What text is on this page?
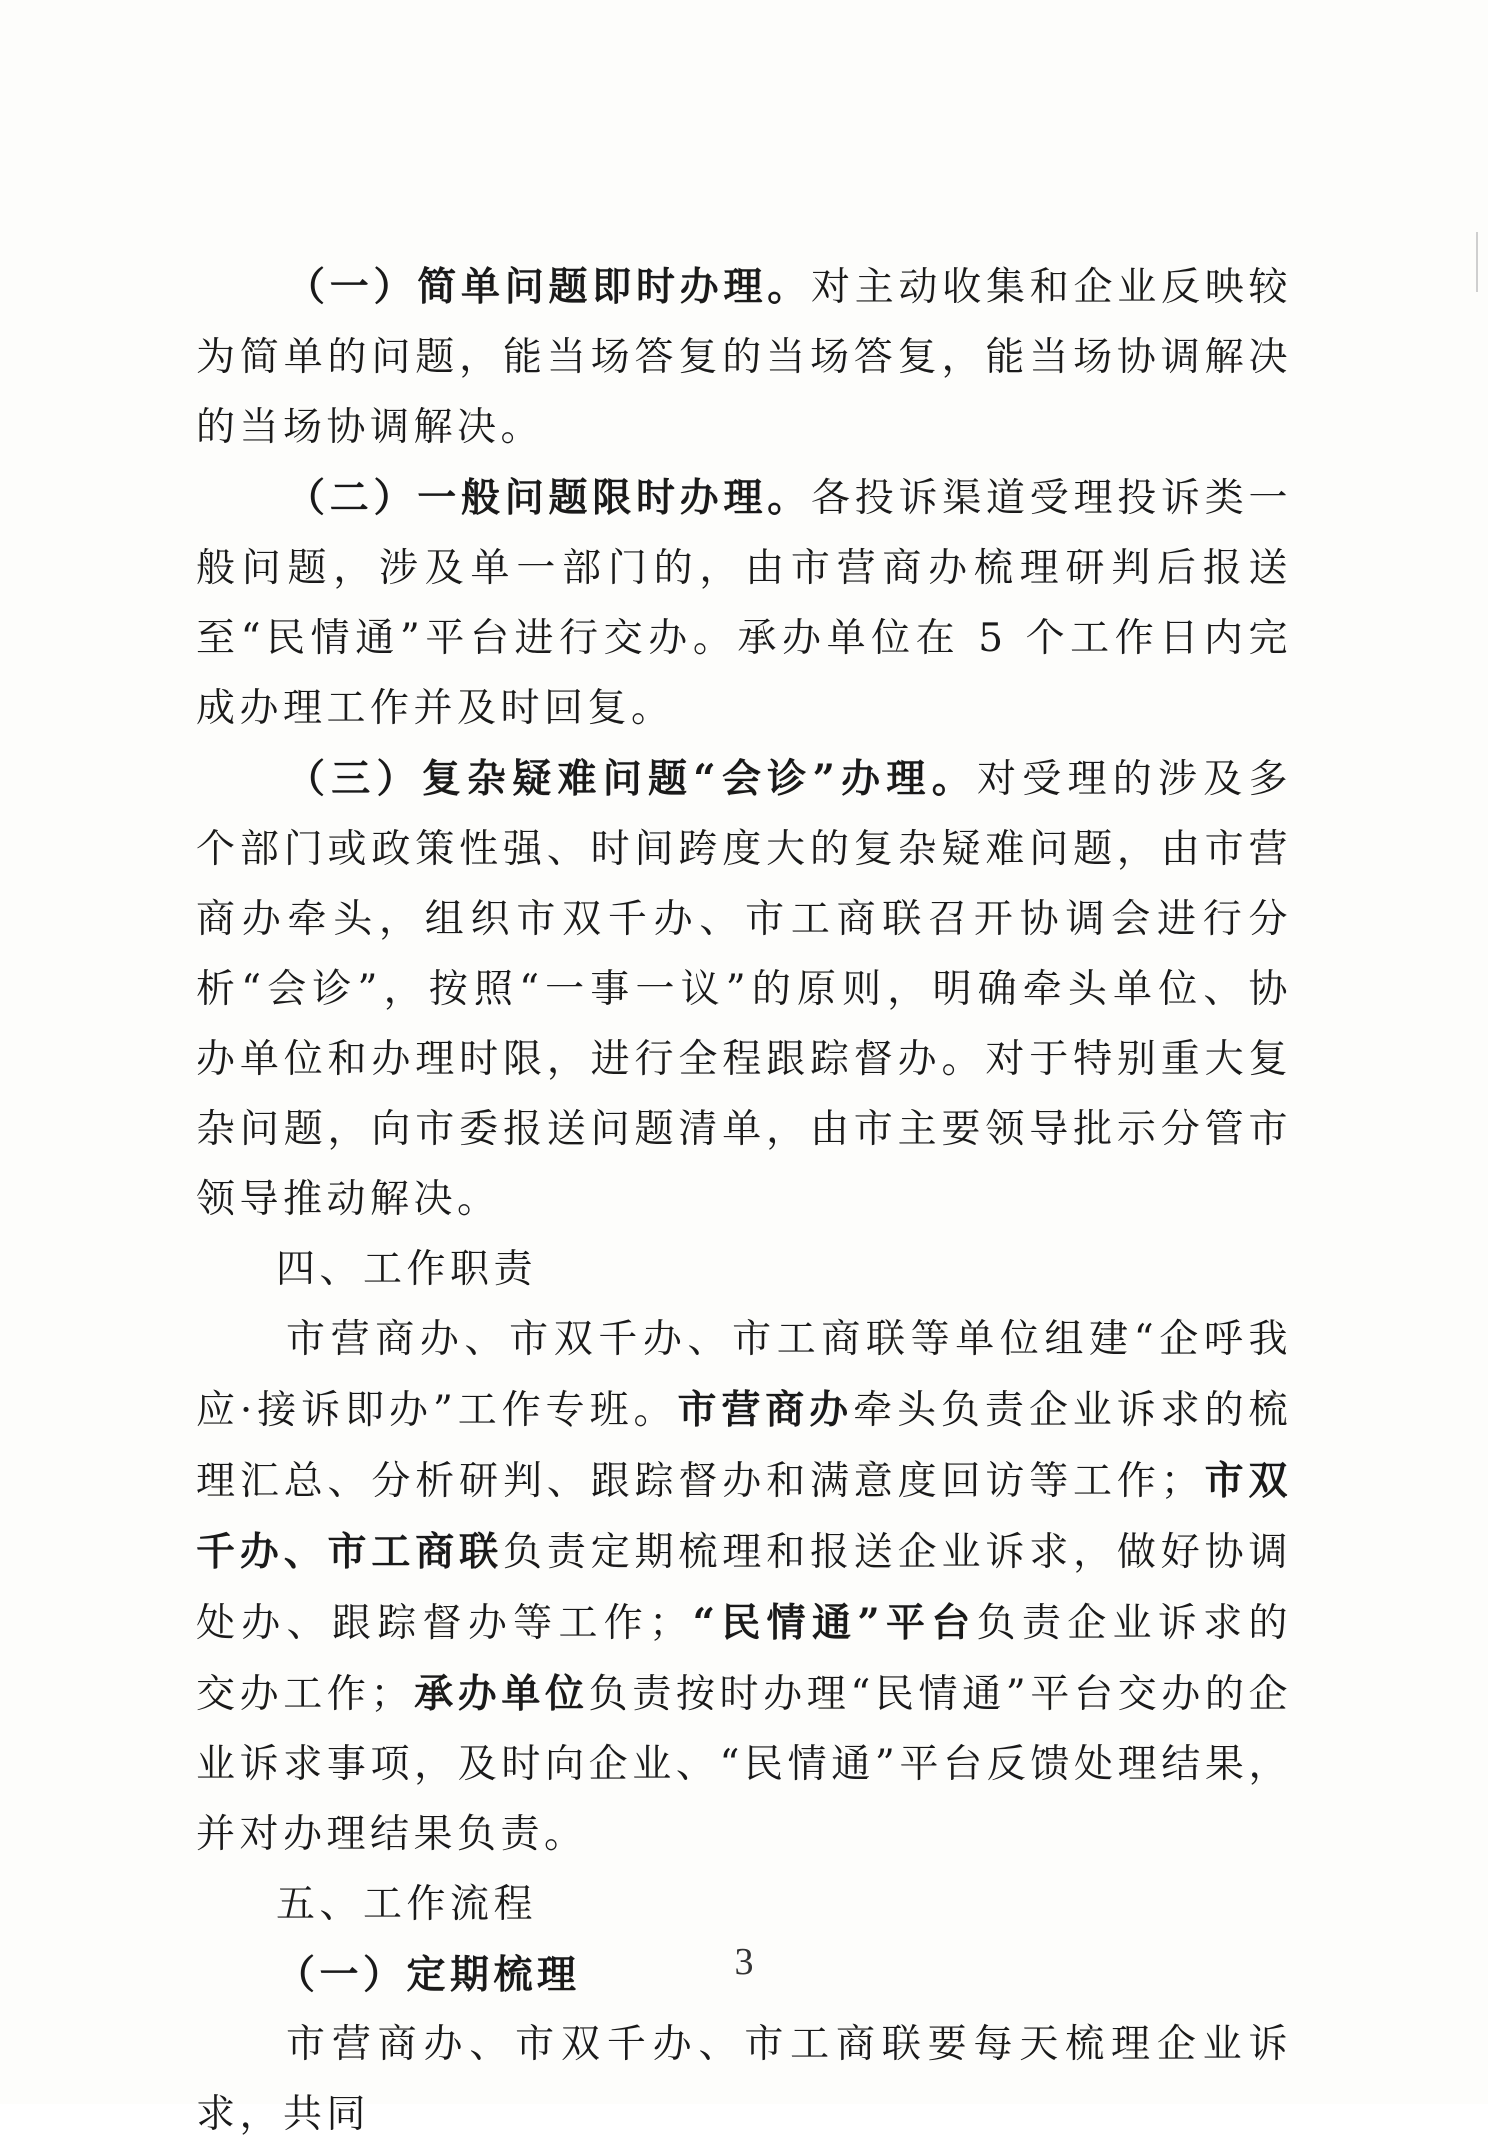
（一）简单问题即时办理。对主动收集和企业反映较为简单的问题，能当场答复的当场答复，能当场协调解决的当场协调解决。

（二）一般问题限时办理。各投诉渠道受理投诉类一般问题，涉及单一部门的，由市营商办梳理研判后报送至“民情通”平台进行交办。承办单位在 5 个工作日内完成办理工作并及时回复。

（三）复杂疑难问题“会诊”办理。对受理的涉及多个部门或政策性强、时间跨度大的复杂疑难问题，由市营商办牵头，组织市双千办、市工商联召开协调会进行分析“会诊”，按照“一事一议”的原则，明确牵头单位、协办单位和办理时限，进行全程跟踪督办。对于特别重大复杂问题，向市委报送问题清单，由市主要领导批示分管市领导推动解决。

四、工作职责

市营商办、市双千办、市工商联等单位组建“企呼我应·接诉即办”工作专班。市营商办牵头负责企业诉求的梳理汇总、分析研判、跟踪督办和满意度回访等工作；市双千办、市工商联负责定期梳理和报送企业诉求，做好协调处办、跟踪督办等工作；“民情通”平台负责企业诉求的交办工作；承办单位负责按时办理“民情通”平台交办的企业诉求事项，及时向企业、“民情通”平台反馈处理结果，并对办理结果负责。

五、工作流程

（一）定期梳理

市营商办、市双千办、市工商联要每天梳理企业诉求，共同

3
